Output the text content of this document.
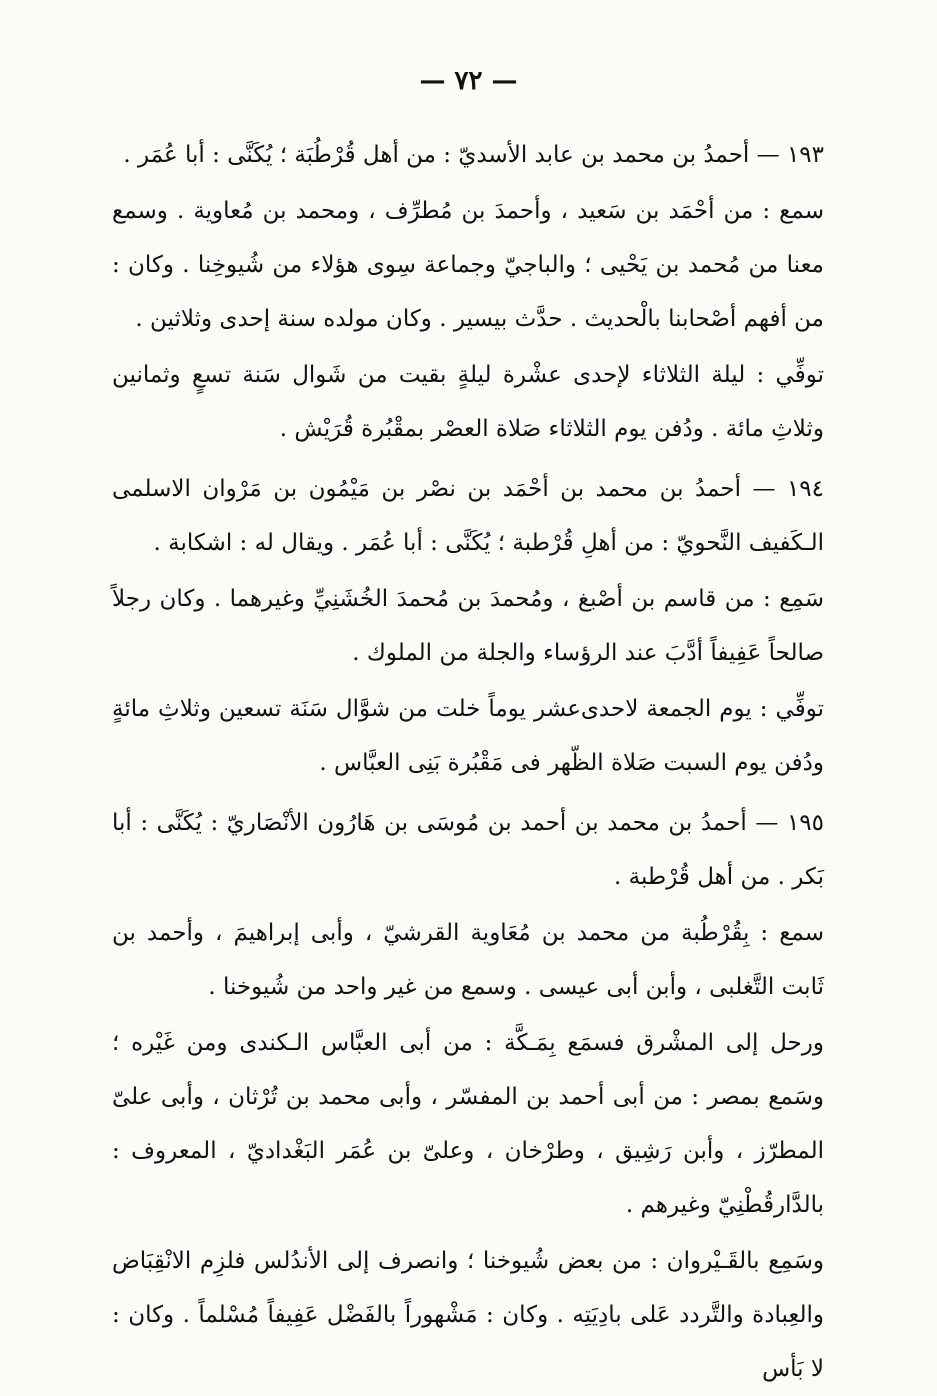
— ٧٢ —

١٩٣ — أحمدُ بن محمد بن عابد الأسديّ : من أهل قُرْطُبَة ؛ يُكَنَّى : أبا عُمَر .

سمع : من أحْمَد بن سَعيد ، وأحمدَ بن مُطرِّف ، ومحمد بن مُعاوية . وسمع معنا من مُحمد بن يَحْيى ؛ والباجيّ وجماعة سِوى هؤلاء من شُيوخِنا . وكان : من أفهم أصْحابنا بالْحديث . حدَّث بيسير . وكان مولده سنة إحدى وثلاثين .

توفِّي : ليلة الثلاثاء لإحدى عشْرة ليلةٍ بقيت من شَوال سَنة تسعٍ وثمانين وثلاثِ مائة . ودُفن يوم الثلاثاء صَلاة العصْر بمقْبُرة قُرَيْش .

١٩٤ — أحمدُ بن محمد بن أحْمَد بن نصْر بن مَيْمُون بن مَرْوان الاسلمى الـكَفيف النَّحويّ : من أهلِ قُرْطبة ؛ يُكَنَّى : أبا عُمَر . ويقال له : اشكابة .

سَمِع : من قاسم بن أصْبغ ، ومُحمدَ بن مُحمدَ الخُشَنِيِّ وغيرهما . وكان رجلاً صالحاً عَفِيفاً أدَّبَ عند الرؤساء والجلة من الملوك .

توفِّي : يوم الجمعة لاحدى‌عشر يوماً خلت من شوَّال سَنَة تسعين وثلاثِ مائةٍ ودُفن يوم السبت صَلاة الظّهر فى مَقْبُرة بَنِى العبَّاس .

١٩٥ — أحمدُ بن محمد بن أحمد بن مُوسَى بن هَارُون الأنْصَاريّ : يُكَنَّى : أبا بَكر . من أهل قُرْطبة .

سمع : بِقُرْطُبة من محمد بن مُعَاوية القرشيّ ، وأبى إبراهيمَ ، وأحمد بن ثَابت التَّغلبى ، وأبن أبى عيسى . وسمع من غير واحد من شُيوخنا .

ورحل إلى المشْرق فسمَع بِمَـكَّة : من أبى العبَّاس الـكندى ومن غَيْره ؛ وسَمع بمصر : من أبى أحمد بن المفسّر ، وأبى محمد بن تُرْثان ، وأبى علىّ المطرّز ، وأبن رَشِيق ، وطرْخان ، وعلىّ بن عُمَر البَغْداديّ ، المعروف : بالدَّارقُطْنِيّ وغيرهم .

وسَمِع بالقَـيْروان : من بعض شُيوخنا ؛ وانصرف إلى الأندُلس فلزِم الانْقِبَاض والعِبادة والتَّردد عَلى بادِيَتِه . وكان : مَشْهوراً بالفَضْل عَفِيفاً مُسْلماً . وكان : لا بَأس
